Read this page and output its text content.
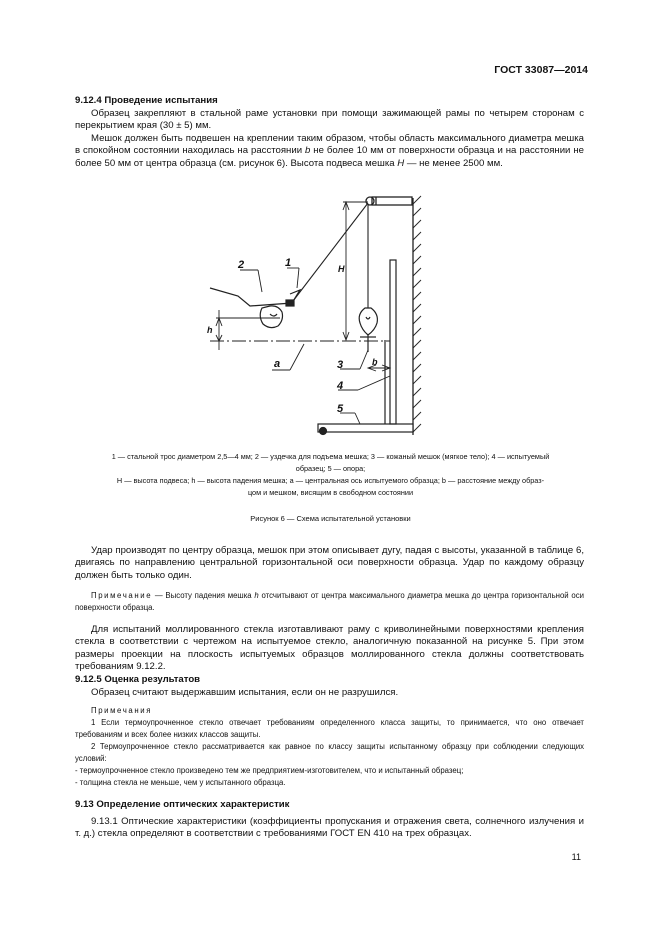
ГОСТ 33087—2014
9.12.4 Проведение испытания
Образец закрепляют в стальной раме установки при помощи зажимающей рамы по четырем сторонам с перекрытием края (30 ± 5) мм.
Мешок должен быть подвешен на креплении таким образом, чтобы область максимального диаметра мешка в спокойном состоянии находилась на расстоянии b не более 10 мм от поверхности образца и на расстоянии не более 50 мм от центра образца (см. рисунок 6). Высота подвеса мешка H — не менее 2500 мм.
2	1
3
4
5
H
h
a	b
1 — стальной трос диаметром 2,5—4 мм; 2 — уздечка для подъема мешка; 3 — кожаный мешок (мягкое тело); 4 — испытуемый
образец; 5 — опора;
H — высота подвеса; h — высота падения мешка; a — центральная ось испытуемого образца; b — расстояние между образ-
цом и мешком, висящим в свободном состоянии
Рисунок 6 — Схема испытательной установки
Удар производят по центру образца, мешок при этом описывает дугу, падая с высоты, указанной в таблице 6, двигаясь по направлению центральной горизонтальной оси поверхности образца. Удар по каждому образцу должен быть только один.
Примечание — Высоту падения мешка h отсчитывают от центра максимального диаметра мешка до центра горизонтальной оси поверхности образца.
Для испытаний моллированного стекла изготавливают раму с криволинейными поверхностями крепления стекла в соответствии с чертежом на испытуемое стекло, аналогичную показанной на рисунке 5. При этом размеры проекции на плоскость испытуемых образцов моллированного стекла должны соответствовать требованиям 9.12.2.
9.12.5 Оценка результатов
Образец считают выдержавшим испытания, если он не разрушился.
Примечания
1 Если термоупрочненное стекло отвечает требованиям определенного класса защиты, то принимается, что оно отвечает требованиям и всех более низких классов защиты.
2 Термоупрочненное стекло рассматривается как равное по классу защиты испытанному образцу при соблюдении следующих условий:
- термоупрочненное стекло произведено тем же предприятием-изготовителем, что и испытанный образец;
- толщина стекла не меньше, чем у испытанного образца.
9.13 Определение оптических характеристик
9.13.1 Оптические характеристики (коэффициенты пропускания и отражения света, солнечного излучения и т. д.) стекла определяют в соответствии с требованиями ГОСТ EN 410 на трех образцах.
11
